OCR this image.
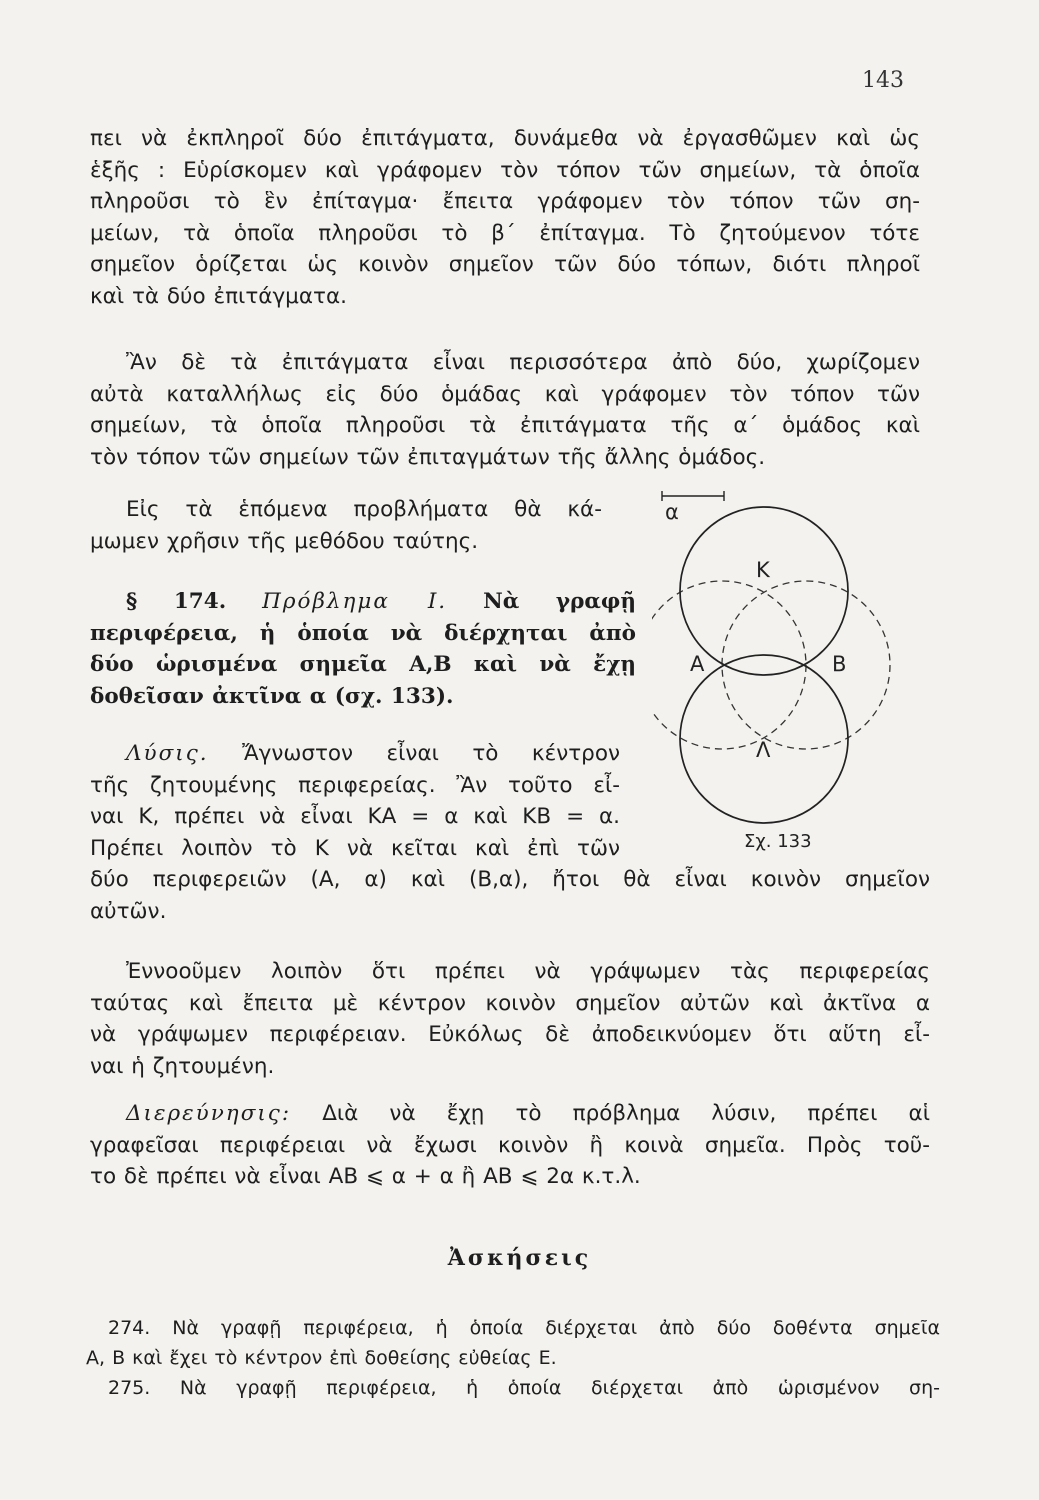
143
πει νὰ ἐκπληροῖ δύο ἐπιτάγματα, δυνάμεθα νὰ ἐργασθῶμεν καὶ ὡς
ἑξῆς : Εὑρίσκομεν καὶ γράφομεν τὸν τόπον τῶν σημείων, τὰ ὁποῖα
πληροῦσι τὸ ἓν ἐπίταγμα· ἔπειτα γράφομεν τὸν τόπον τῶν ση-
μείων, τὰ ὁποῖα πληροῦσι τὸ β΄ ἐπίταγμα. Τὸ ζητούμενον τότε
σημεῖον ὁρίζεται ὡς κοινὸν σημεῖον τῶν δύο τόπων, διότι πληροῖ
καὶ τὰ δύο ἐπιτάγματα.
Ἂν δὲ τὰ ἐπιτάγματα εἶναι περισσότερα ἀπὸ δύο, χωρίζομεν
αὐτὰ καταλλήλως εἰς δύο ὁμάδας καὶ γράφομεν τὸν τόπον τῶν
σημείων, τὰ ὁποῖα πληροῦσι τὰ ἐπιτάγματα τῆς α΄ ὁμάδος καὶ
τὸν τόπον τῶν σημείων τῶν ἐπιταγμάτων τῆς ἄλλης ὁμάδος.
Εἰς τὰ ἑπόμενα προβλήματα θὰ κά-
μωμεν χρῆσιν τῆς μεθόδου ταύτης.
§ 174. Πρόβλημα Ι. Νὰ γραφῇ
περιφέρεια, ἡ ὁποία νὰ διέρχηται ἀπὸ
δύο ὡρισμένα σημεῖα Α,Β καὶ νὰ ἔχῃ
δοθεῖσαν ἀκτῖνα α (σχ. 133).
Λύσις. Ἄγνωστον εἶναι τὸ κέντρον
τῆς ζητουμένης περιφερείας. Ἂν τοῦτο εἶ-
ναι Κ, πρέπει νὰ εἶναι ΚΑ = α καὶ ΚΒ = α.
Πρέπει λοιπὸν τὸ Κ νὰ κεῖται καὶ ἐπὶ τῶν
δύο περιφερειῶν (Α, α) καὶ (Β,α), ἤτοι θὰ εἶναι κοινὸν σημεῖον
αὐτῶν.
Ἐννοοῦμεν λοιπὸν ὅτι πρέπει νὰ γράψωμεν τὰς περιφερείας
ταύτας καὶ ἔπειτα μὲ κέντρον κοινὸν σημεῖον αὐτῶν καὶ ἀκτῖνα α
νὰ γράψωμεν περιφέρειαν. Εὐκόλως δὲ ἀποδεικνύομεν ὅτι αὕτη εἶ-
ναι ἡ ζητουμένη.
Διερεύνησις: Διὰ νὰ ἔχῃ τὸ πρόβλημα λύσιν, πρέπει αἱ
γραφεῖσαι περιφέρειαι νὰ ἔχωσι κοινὸν ἢ κοινὰ σημεῖα. Πρὸς τοῦ-
το δὲ πρέπει νὰ εἶναι ΑΒ ⩽ α + α ἢ ΑΒ ⩽ 2α κ.τ.λ.
Ἀσκήσεις
274. Νὰ γραφῇ περιφέρεια, ἡ ὁποία διέρχεται ἀπὸ δύο δοθέντα σημεῖα
Α, Β καὶ ἔχει τὸ κέντρον ἐπὶ δοθείσης εὐθείας Ε.
275. Νὰ γραφῇ περιφέρεια, ἡ ὁποία διέρχεται ἀπὸ ὡρισμένον ση-
α
Κ
Α	Β
Λ
Σχ. 133
